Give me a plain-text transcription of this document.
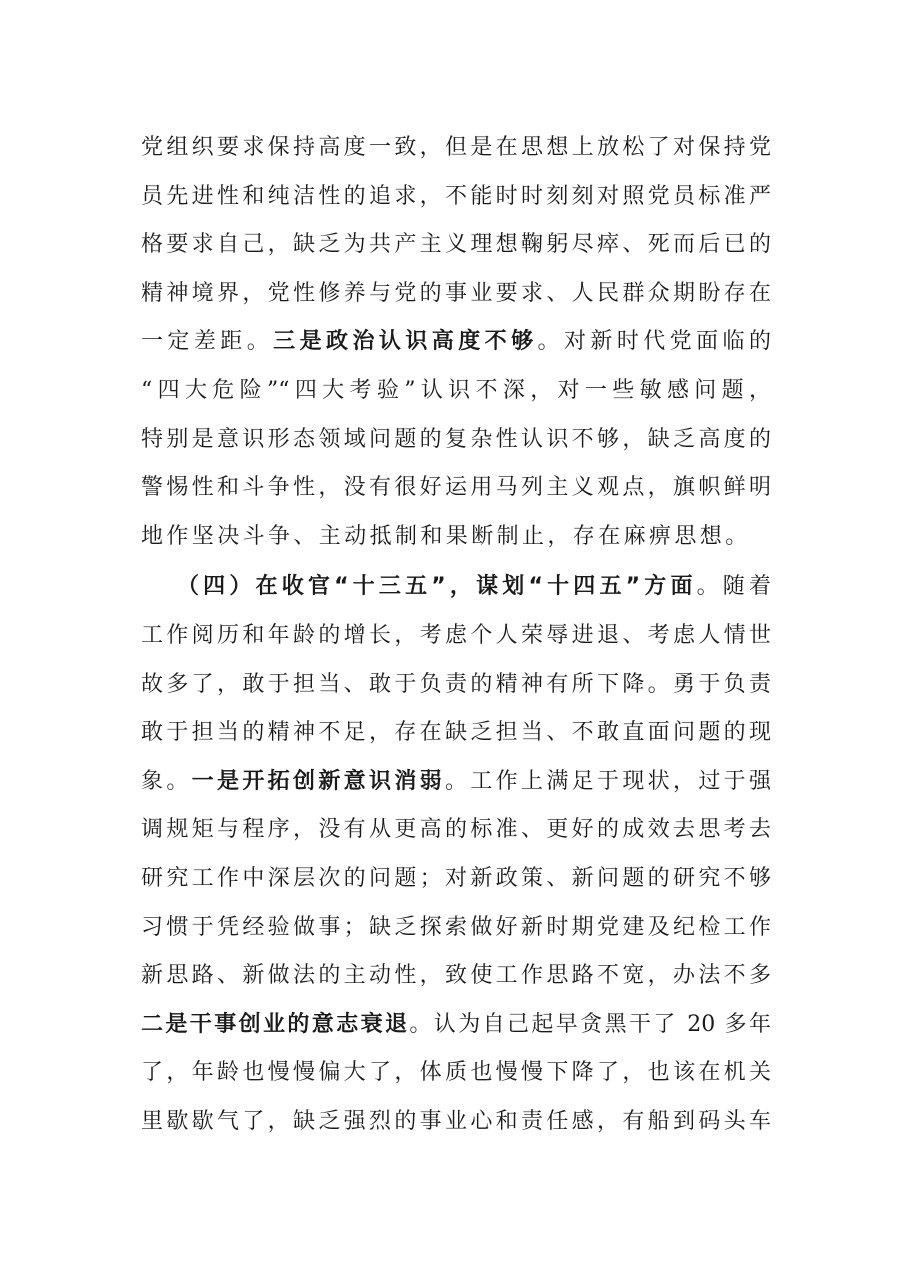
党组织要求保持高度一致，但是在思想上放松了对保持党
员先进性和纯洁性的追求，不能时时刻刻对照党员标准严
格要求自己，缺乏为共产主义理想鞠躬尽瘁、死而后已的
精神境界，党性修养与党的事业要求、人民群众期盼存在
一定差距。三是政治认识高度不够。对新时代党面临的
“四大危险”“四大考验”认识不深，对一些敏感问题，
特别是意识形态领域问题的复杂性认识不够，缺乏高度的
警惕性和斗争性，没有很好运用马列主义观点，旗帜鲜明
地作坚决斗争、主动抵制和果断制止，存在麻痹思想。
（四）在收官“十三五”，谋划“十四五”方面。随着
工作阅历和年龄的增长，考虑个人荣辱进退、考虑人情世
故多了，敢于担当、敢于负责的精神有所下降。勇于负责
敢于担当的精神不足，存在缺乏担当、不敢直面问题的现
象。一是开拓创新意识消弱。工作上满足于现状，过于强
调规矩与程序，没有从更高的标准、更好的成效去思考去
研究工作中深层次的问题；对新政策、新问题的研究不够
习惯于凭经验做事；缺乏探索做好新时期党建及纪检工作
新思路、新做法的主动性，致使工作思路不宽，办法不多
二是干事创业的意志衰退。认为自己起早贪黑干了 20 多年
了，年龄也慢慢偏大了，体质也慢慢下降了，也该在机关
里歇歇气了，缺乏强烈的事业心和责任感，有船到码头车
